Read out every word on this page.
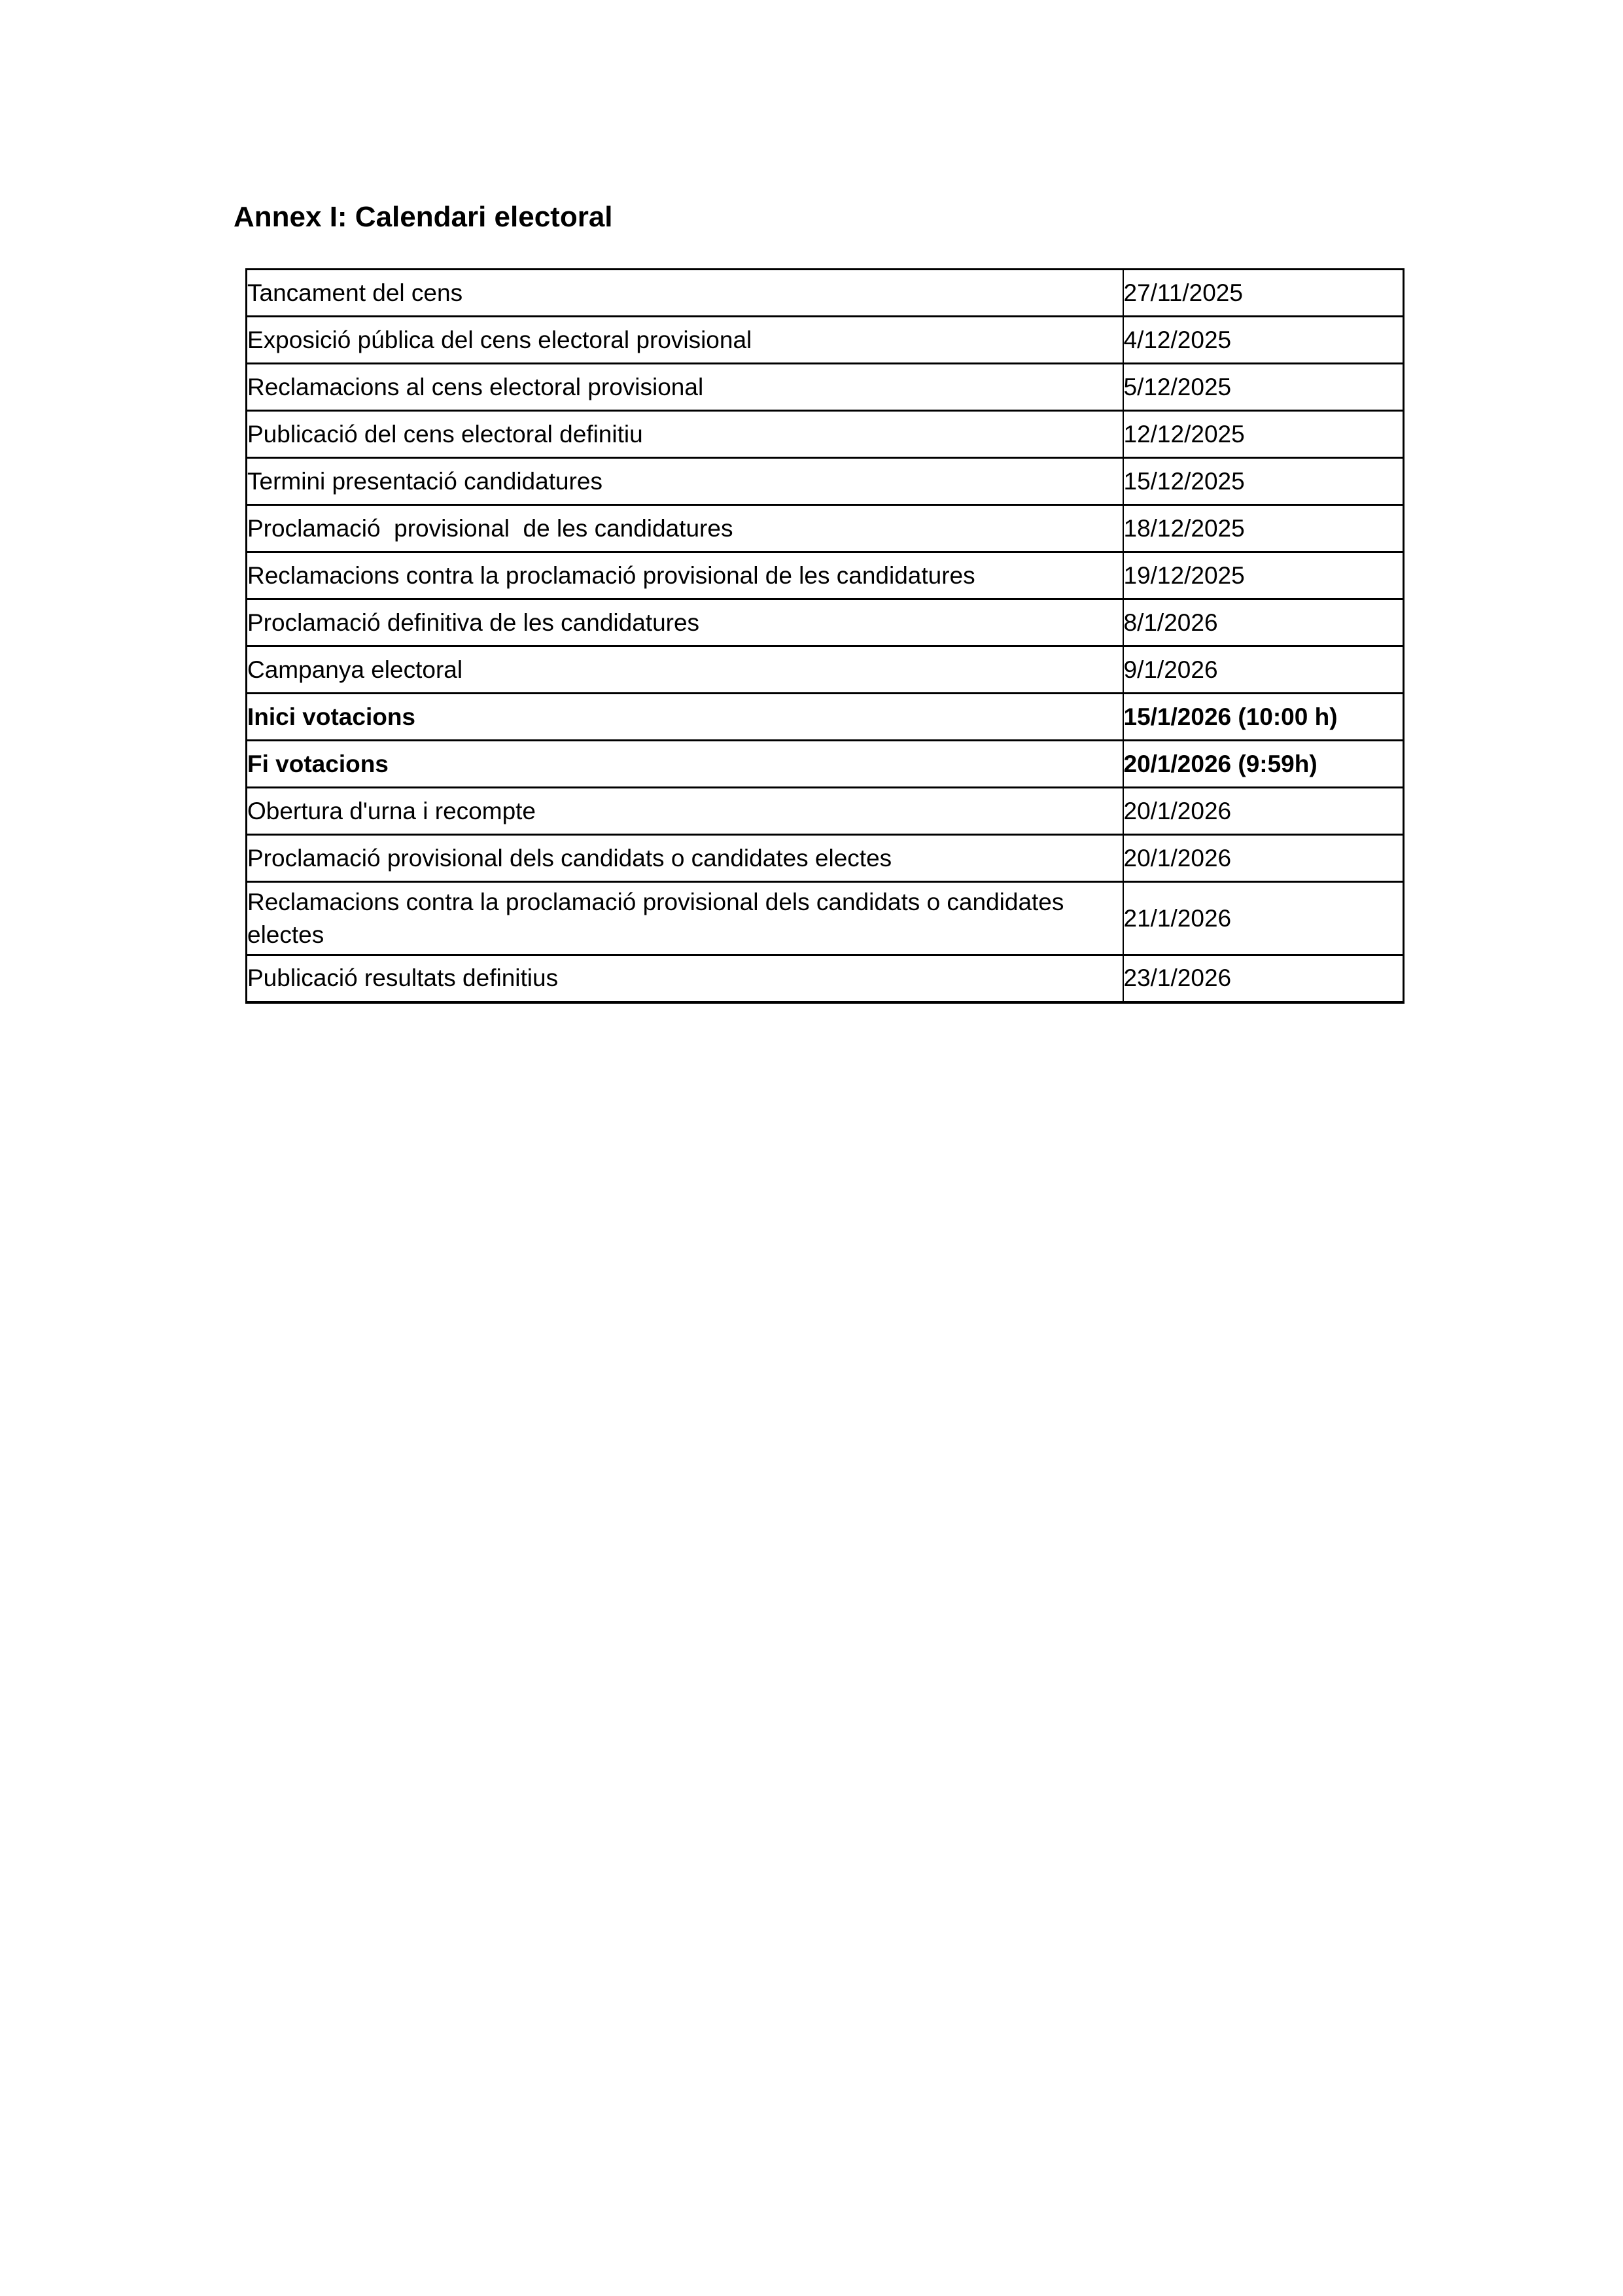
Annex I: Calendari electoral
Tancament del cens	27/11/2025
Exposició pública del cens electoral provisional	4/12/2025
Reclamacions al cens electoral provisional	5/12/2025
Publicació del cens electoral definitiu	12/12/2025
Termini presentació candidatures	15/12/2025
Proclamació  provisional  de les candidatures	18/12/2025
Reclamacions contra la proclamació provisional de les candidatures	19/12/2025
Proclamació definitiva de les candidatures	8/1/2026
Campanya electoral	9/1/2026
Inici votacions	15/1/2026 (10:00 h)
Fi votacions	20/1/2026 (9:59h)
Obertura d'urna i recompte	20/1/2026
Proclamació provisional dels candidats o candidates electes	20/1/2026
Reclamacions contra la proclamació provisional dels candidats o candidates electes	21/1/2026
Publicació resultats definitius	23/1/2026
